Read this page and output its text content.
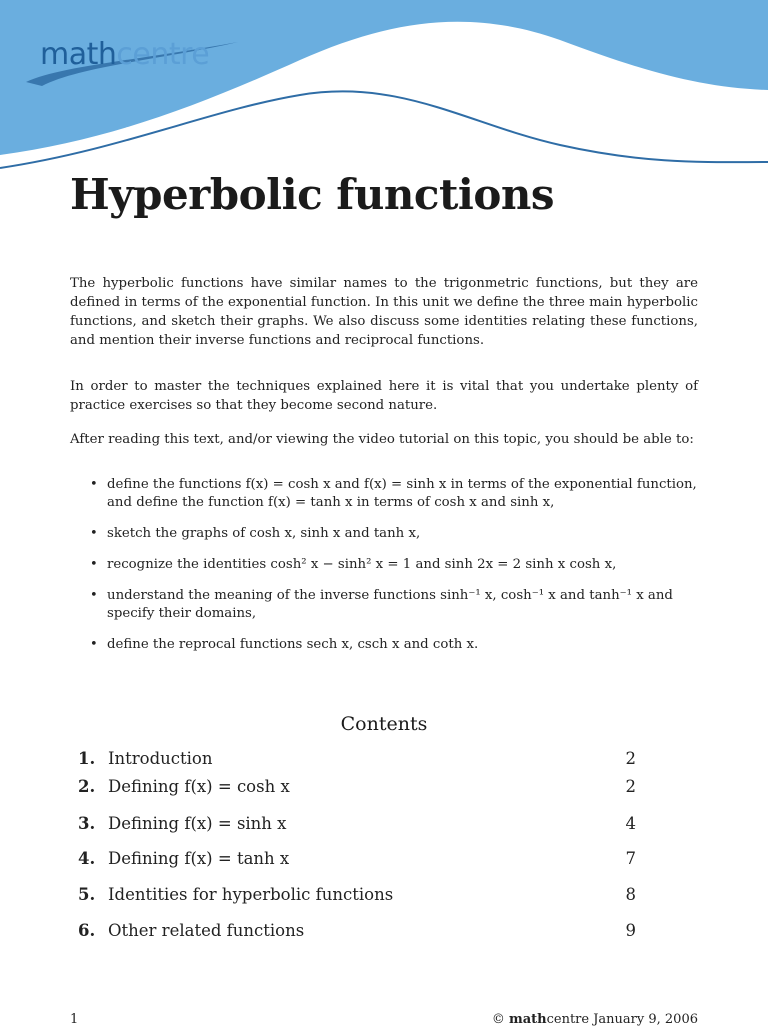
mathcentre
Hyperbolic functions

The hyperbolic functions have similar names to the trigonmetric functions, but they are defined in terms of the exponential function. In this unit we define the three main hyperbolic functions, and sketch their graphs. We also discuss some identities relating these functions, and mention their inverse functions and reciprocal functions.

In order to master the techniques explained here it is vital that you undertake plenty of practice exercises so that they become second nature.

After reading this text, and/or viewing the video tutorial on this topic, you should be able to:

• define the functions f(x) = cosh x and f(x) = sinh x in terms of the exponential function, and define the function f(x) = tanh x in terms of cosh x and sinh x,
• sketch the graphs of cosh x, sinh x and tanh x,
• recognize the identities cosh² x − sinh² x = 1 and sinh 2x = 2 sinh x cosh x,
• understand the meaning of the inverse functions sinh⁻¹ x, cosh⁻¹ x and tanh⁻¹ x and specify their domains,
• define the reprocal functions sech x, csch x and coth x.
Contents
1. Introduction	2
2. Defining f(x) = cosh x	2
3. Defining f(x) = sinh x	4
4. Defining f(x) = tanh x	7
5. Identities for hyperbolic functions	8
6. Other related functions	9
1	© mathcentre January 9, 2006
